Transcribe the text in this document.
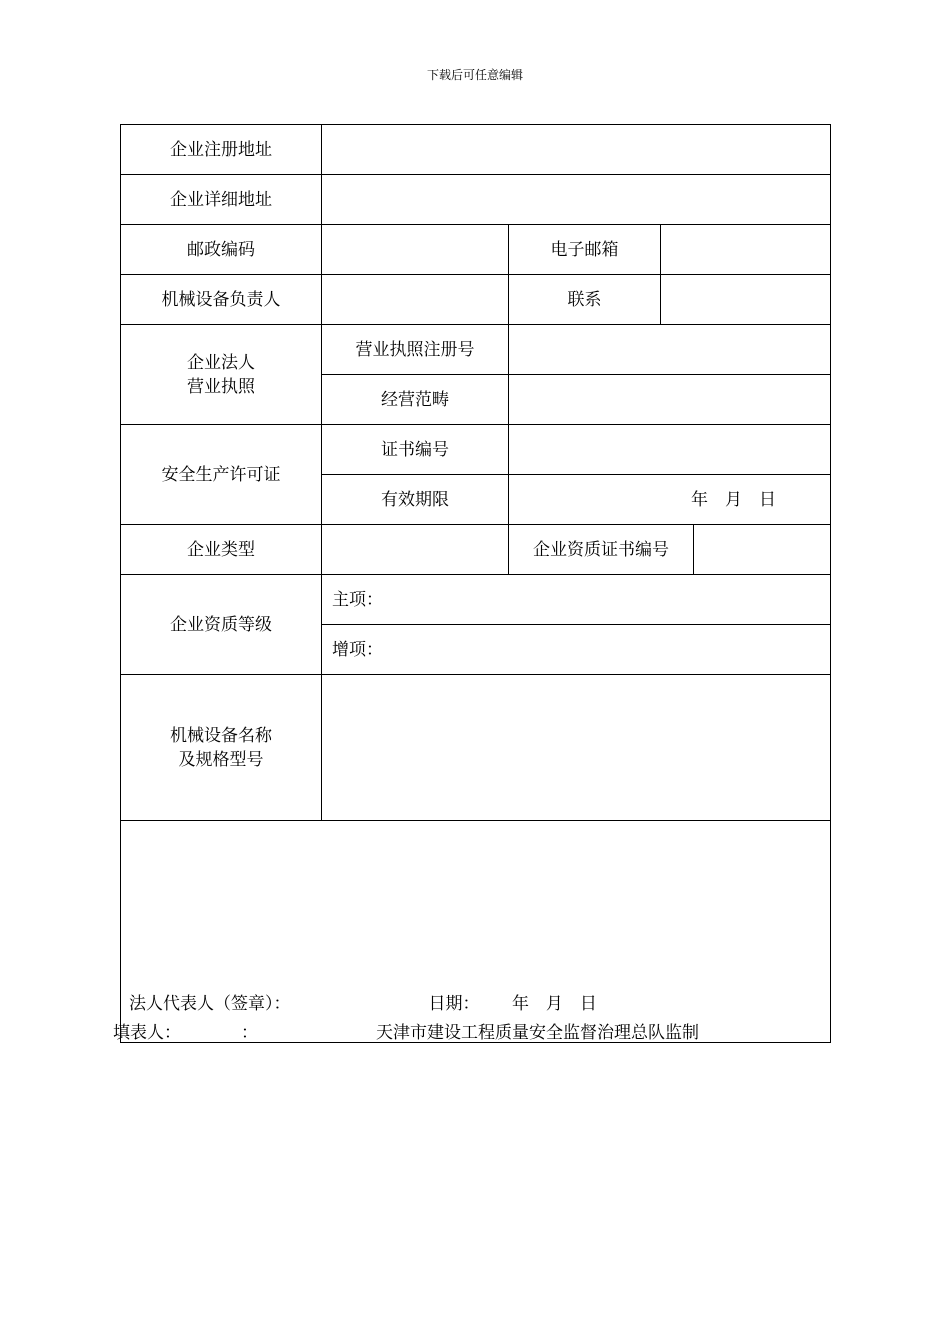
下载后可任意编辑
企业注册地址				
企业详细地址				
邮政编码		电子邮箱		
机械设备负责人		联系		
企业法人
营业执照	营业执照注册号			
	经营范畴			
安全生产许可证	证书编号			
	有效期限	年　月　日		
企业类型		企业资质证书编号		
企业资质等级	主项：			
	增项：			
机械设备名称
及规格型号				
法人代表人（签章）： 日期： 年　月　日				
填表人：	：	天津市建设工程质量安全监督治理总队监制
